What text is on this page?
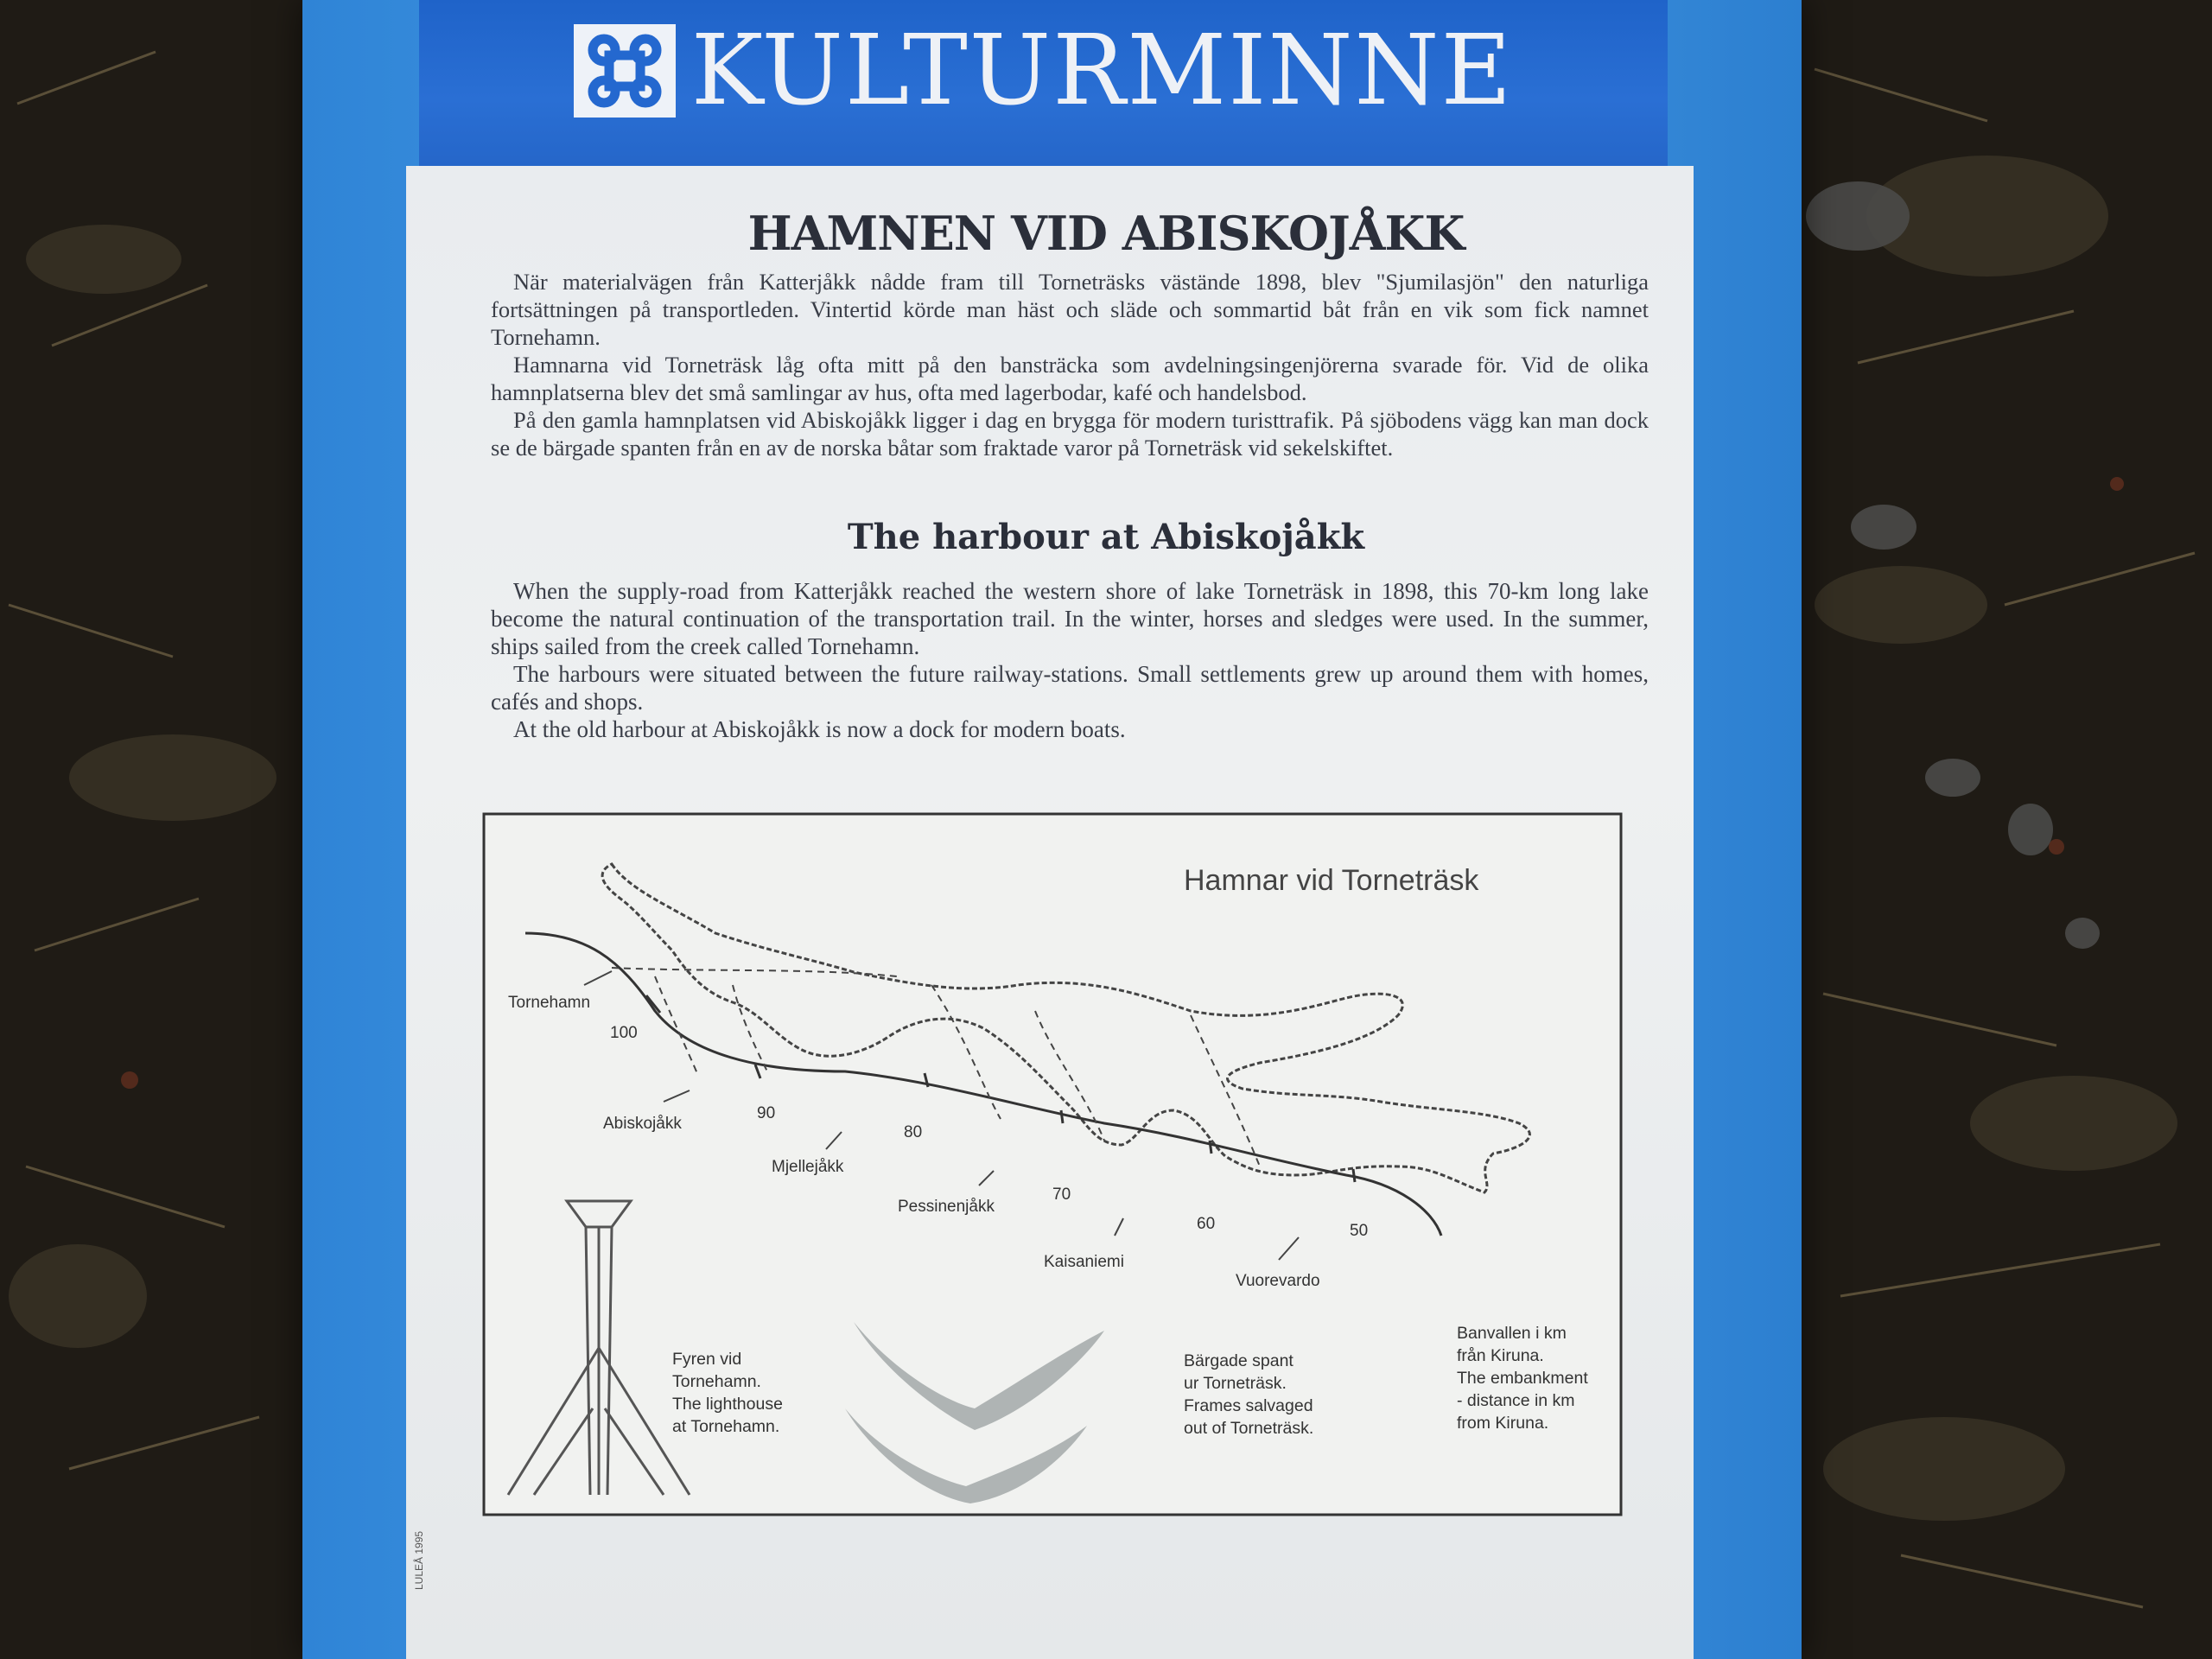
KULTURMINNE
HAMNEN VID ABISKOJÅKK

När materialvägen från Katterjåkk nådde fram till Torneträsks västände 1898, blev "Sjumilasjön" den naturliga fortsättningen på transportleden. Vintertid körde man häst och släde och sommartid båt från en vik som fick namnet Tornehamn.

Hamnarna vid Torneträsk låg ofta mitt på den bansträcka som avdelningsingenjörerna svarade för. Vid de olika hamnplatserna blev det små samlingar av hus, ofta med lagerbodar, kafé och handelsbod.

På den gamla hamnplatsen vid Abiskojåkk ligger i dag en brygga för modern turisttrafik. På sjöbodens vägg kan man dock se de bärgade spanten från en av de norska båtar som fraktade varor på Torneträsk vid sekelskiftet.

The harbour at Abiskojåkk

When the supply-road from Katterjåkk reached the western shore of lake Torneträsk in 1898, this 70-km long lake become the natural continuation of the transportation trail. In the winter, horses and sledges were used. In the summer, ships sailed from the creek called Tornehamn.

The harbours were situated between the future railway-stations. Small settlements grew up around them with homes, cafés and shops.

At the old harbour at Abiskojåkk is now a dock for modern boats.

Hamnar vid Torneträsk
Tornehamn
Abiskojåkk
Mjellejåkk
Pessinenjåkk
Kaisaniemi
Vuorevardo
100
90
80
70
60	50
Fyren vid
Tornehamn.
The lighthouse
at Tornehamn.
Bärgade spant
ur Torneträsk.
Frames salvaged
out of Torneträsk.
Banvallen i km
från Kiruna.
The embankment
- distance in km
from Kiruna.
LULEÅ 1995
